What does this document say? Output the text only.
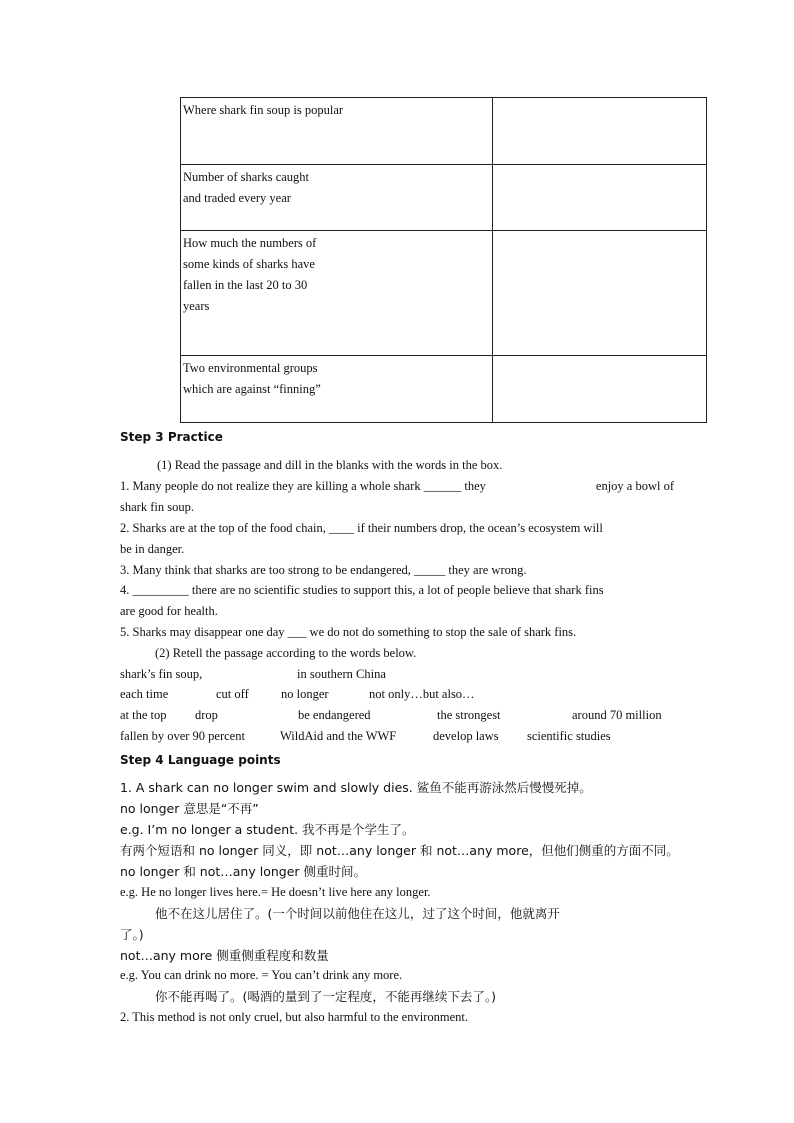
Where shark fin soup is popular	

Number of sharks caught
and traded every year	

How much the numbers of
some kinds of sharks have
fallen in the last 20 to 30
years	

Two environmental groups
which are against “finning”	

Step 3 Practice
(1) Read the passage and dill in the blanks with the words in the box.
1. Many people do not realize they are killing a whole shark ______ they	enjoy a bowl of
shark fin soup.
2. Sharks are at the top of the food chain, ____ if their numbers drop, the ocean’s ecosystem will
be in danger.
3. Many think that sharks are too strong to be endangered, _____ they are wrong.
4. _________ there are no scientific studies to support this, a lot of people believe that shark fins
are good for health.
5. Sharks may disappear one day ___ we do not do something to stop the sale of shark fins.
(2) Retell the passage according to the words below.
shark’s fin soup,	in southern China
each time	cut off	no longer	not only…but also…
at the top drop	be endangered	the strongest	around 70 million
fallen by over 90 percent	WildAid and the WWF	develop laws scientific studies
Step 4 Language points
1. A shark can no longer swim and slowly dies. 鲨鱼不能再游泳然后慢慢死掉。
no longer 意思是“不再”
e.g. I’m no longer a student. 我不再是个学生了。
有两个短语和 no longer 同义，即 not…any longer 和 not…any more，但他们侧重的方面不同。
no longer 和 not…any longer 侧重时间。
e.g. He no longer lives here.= He doesn’t live here any longer.
他不在这儿居住了。(一个时间以前他住在这儿，过了这个时间，他就离开
了。)
not…any more 侧重侧重程度和数量
e.g. You can drink no more. = You can’t drink any more.
你不能再喝了。(喝酒的量到了一定程度，不能再继续下去了。)
2. This method is not only cruel, but also harmful to the environment.
